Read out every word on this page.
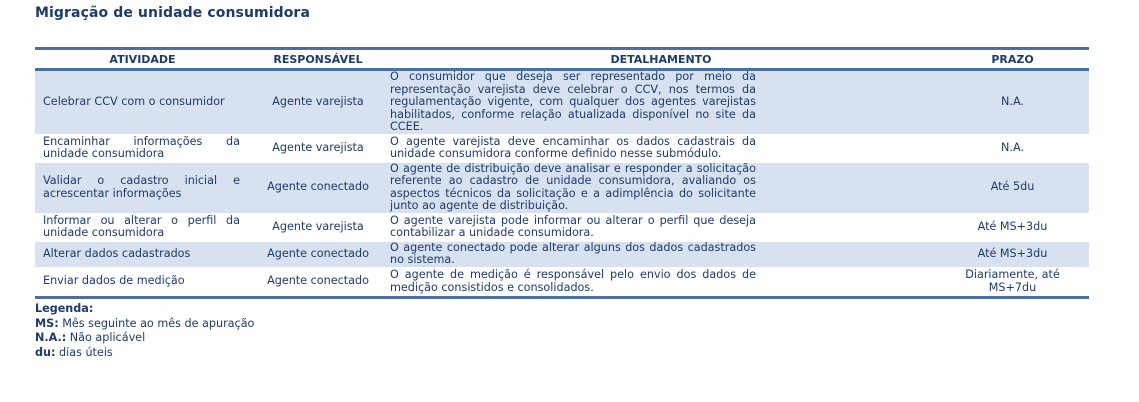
Migração de unidade consumidora
ATIVIDADE	RESPONSÁVEL	DETALHAMENTO	PRAZO
Celebrar CCV com o consumidor	Agente varejista	O consumidor que deseja ser representado por meio da representação varejista deve celebrar o CCV, nos termos da regulamentação vigente, com qualquer dos agentes varejistas habilitados, conforme relação atualizada disponível no site da CCEE.	N.A.
Encaminhar informações da unidade consumidora	Agente varejista	O agente varejista deve encaminhar os dados cadastrais da unidade consumidora conforme definido nesse submódulo.	N.A.
Validar o cadastro inicial e acrescentar informações	Agente conectado	O agente de distribuição deve analisar e responder a solicitação referente ao cadastro de unidade consumidora, avaliando os aspectos técnicos da solicitação e a adimplência do solicitante junto ao agente de distribuição.	Até 5du
Informar ou alterar o perfil da unidade consumidora	Agente varejista	O agente varejista pode informar ou alterar o perfil que deseja contabilizar a unidade consumidora.	Até MS+3du
Alterar dados cadastrados	Agente conectado	O agente conectado pode alterar alguns dos dados cadastrados no sistema.	Até MS+3du
Enviar dados de medição	Agente conectado	O agente de medição é responsável pelo envio dos dados de medição consistidos e consolidados.	Diariamente, até MS+7du
Legenda:
MS: Mês seguinte ao mês de apuração
N.A.: Não aplicável
du: dias úteis
